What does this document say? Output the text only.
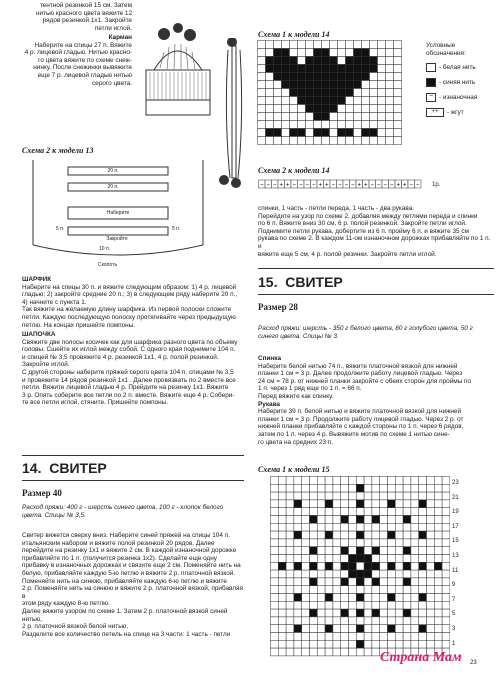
тентной резинкой 15 см. Затем

нитью красного цвета вяжите 12

рядов резинкой 1x1. Закройте

петли иглой.

Карман

Наберите на спицы 27 п. Вяжите

4 р. лицевой гладью. Нитью красно-

го цвета вяжите по схеме снеж-

нинку. После снежинки вывяжите

еще 7 р. лицевой гладью нитью

серого цвета.

Схема 2 к модели 13
20 п.
20 п.
Наберите
5 п.	5 п.
Закройте
10 п.
Сколоть

ШАРФИК

Наберите на спицы 30 п. и вяжите следующим образом: 1) 4 р. лицевой

гладью; 2) закройте средние 20 п.; 3) в следующем ряду наберите 20 п.,

4) начните с пункта 1.

Так вяжите на желаемую длину шарфика. Из первой полоски сложите

петли. Каждую последующую полоску протягивайте через предыдущую

петлю. На концах пришейте помпоны.

ШАПОЧКА

Свяжите две полосы косичек как для шарфика разного цвета по объему

головы. Сшейте их иглой между собой. С одного края поднимите 104 п.

и спицей № 3,5 провяжите 4 р. резинкой 1x1, 4 р. полой резинкой.

Закройте иглой.

С другой стороны наберите пряжей серого цвета 104 п. спицами № 3,5

и провяжите 14 рядов резинкой 1x1 . Далее провязвать по 2 вместе все

петли. Вяжите лицевой гладью 4 р. Прейдите на резинку 1x1. Вяжите

3 р. Опять соберите все петли по 2 п. вместе. Вяжите еще 4 р. Собери-

те все петли иглой, стяните. Пришейте помпоны.

14. СВИТЕР
Размер 40
Расход пряжи: 400 г - шерсть синего цвета, 100 г - хлопок белого цвета. Спицы № 3,5.

Свитер вяжется сверху вниз. Наберите синей пряжей на спицы 104 п.

итальянским набором и вяжите полой резинкой 20 рядов. Далее

перейдите на резинку 1x1 и вяжите 2 см. В каждой изнаночной дорожке

прибавляйте по 1 п. (получится резинка 1x2). Сделайте еще одну

прибавку в изнаночных дорожках и связите еще 2 см. Поменяйте нить на

белую, прибавляйте каждую 5-ю петлю и вяжите 2 р. платочной вязкой.

Поменяйте нить на синюю, прибавляйте каждую 6-ю петлю и вяжите

2 р. Поменяйте нить на синюю и вяжите 2 р. платочной вязкой, прибавляя в

этом ряду каждую 8-ю петлю.

Далее вяжите узором по схеме 1. Затем 2 р. платочной вязкой синей нитью,

2 р. платочной вязкой белой нитью.

Разделите все количество петель на спице на 3 части: 1 часть - петли

Схема 1 к модели 14

Условные обозначения:

- белая нить

- синяя нить

− - изнаночная

++ - жгут

Схема 2 к модели 14
− − − + + − − − − + + − − − − + + − − − − + + − − 1р.

спинки, 1 часть - петли переда, 1 часть - два рукава.

Перейдите на узор по схеме 2, добавляя между петлями переда и спинки

по 6 п. Вяжите вниз 30 см, 6 р. полой резинкой. Закройте петли иглой.

Поднимите петли рукава, добертите из 6 п. пройму 6 п. и вяжите 35 см

рукава по схеме 2. В каждом 11-ом изнаночном дорожках прибавляйте по 1 п. и

вяжите еще 5 см, 4 р. полой резинки. Закройте петли иглой.

15. СВИТЕР
Размер 28
Расход пряжи: шерсть - 350 г белого цвета, 80 г голубого цвета, 50 г синего цвета. Спицы № 3.

Спинка

Наберите белой нитью 74 п., вяжите платочной вязкой для нижней

планки 1 см = 3 р. Далее продолжите работу лицевой гладью. Через

24 см = 78 р. от нижней планки закройте с обеих сторон для проймы по

1 п. через 1 ряд еще по 1 п. = 66 п.

Перед вяжите как спинку.

Рукава

Наберите 39 п. белой нитью и вяжите платочной вязкой для нижней

планки 1 см = 3 р. Продолжите работу лицевой гладью. Через 2 р. от

нижней планки прибавляйте с каждой стороны по 1 п. через 6 рядов,

затем по 1 п. через 4 р. Вывяжите мотив по схеме 1 нитью сине-

го цвета на средних 23 п.

Схема 1 к модели 15
23
21
19
17
15
13
11
9
7
5
3
1
23
Страна Мам
